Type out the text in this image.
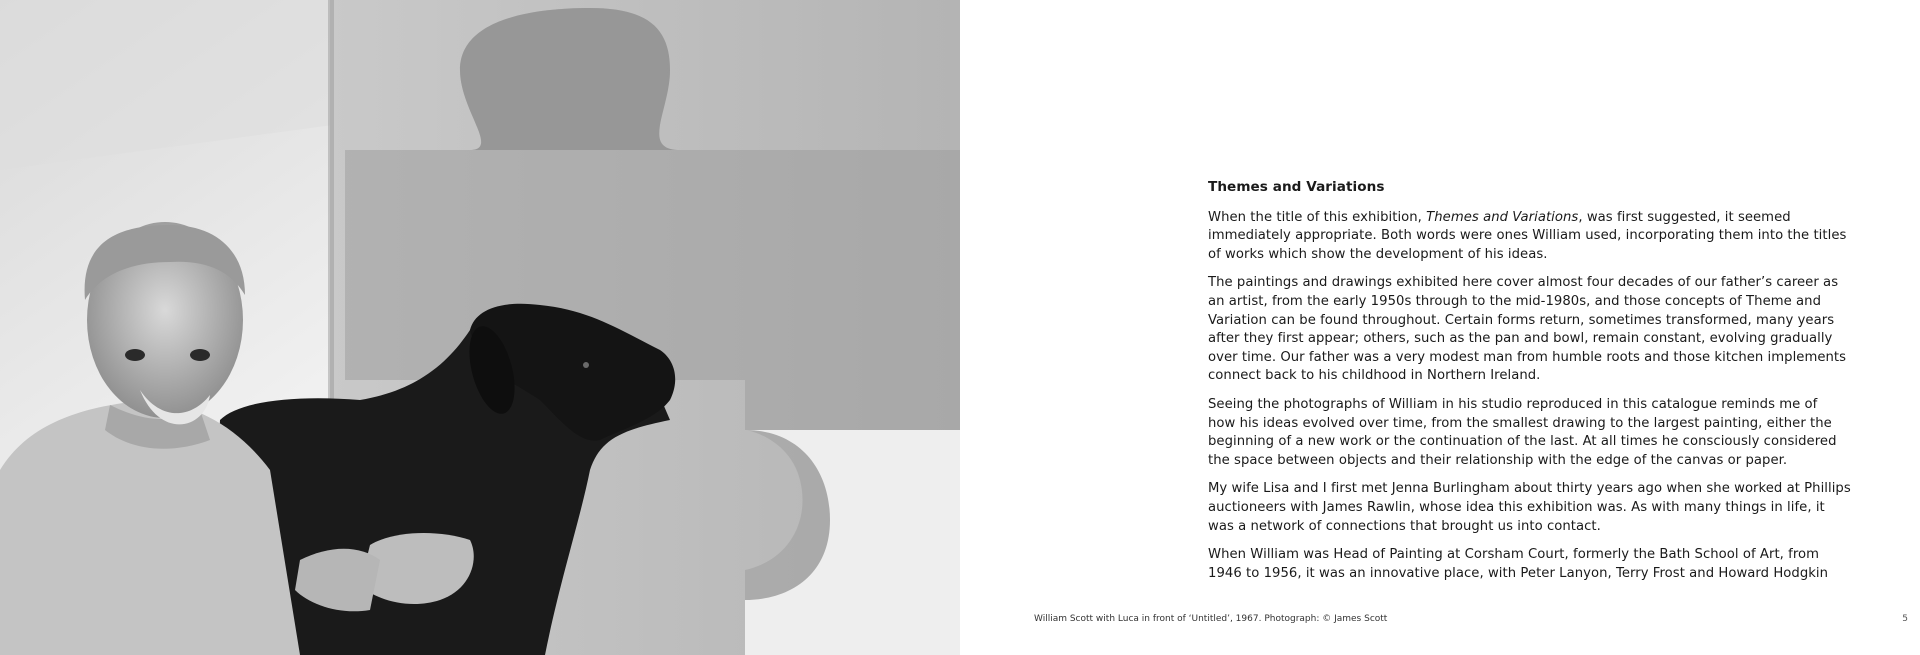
Themes and Variations
When the title of this exhibition, Themes and Variations, was first suggested, it seemed
immediately appropriate. Both words were ones William used, incorporating them into the titles
of works which show the development of his ideas.
The paintings and drawings exhibited here cover almost four decades of our father’s career as
an artist, from the early 1950s through to the mid-1980s, and those concepts of Theme and
Variation can be found throughout. Certain forms return, sometimes transformed, many years
after they first appear; others, such as the pan and bowl, remain constant, evolving gradually
over time. Our father was a very modest man from humble roots and those kitchen implements
connect back to his childhood in Northern Ireland.
Seeing the photographs of William in his studio reproduced in this catalogue reminds me of
how his ideas evolved over time, from the smallest drawing to the largest painting, either the
beginning of a new work or the continuation of the last. At all times he consciously considered
the space between objects and their relationship with the edge of the canvas or paper.
My wife Lisa and I first met Jenna Burlingham about thirty years ago when she worked at Phillips
auctioneers with James Rawlin, whose idea this exhibition was. As with many things in life, it
was a network of connections that brought us into contact.
When William was Head of Painting at Corsham Court, formerly the Bath School of Art, from
1946 to 1956, it was an innovative place, with Peter Lanyon, Terry Frost and Howard Hodgkin
William Scott with Luca in front of ‘Untitled’, 1967. Photograph: © James Scott	5
